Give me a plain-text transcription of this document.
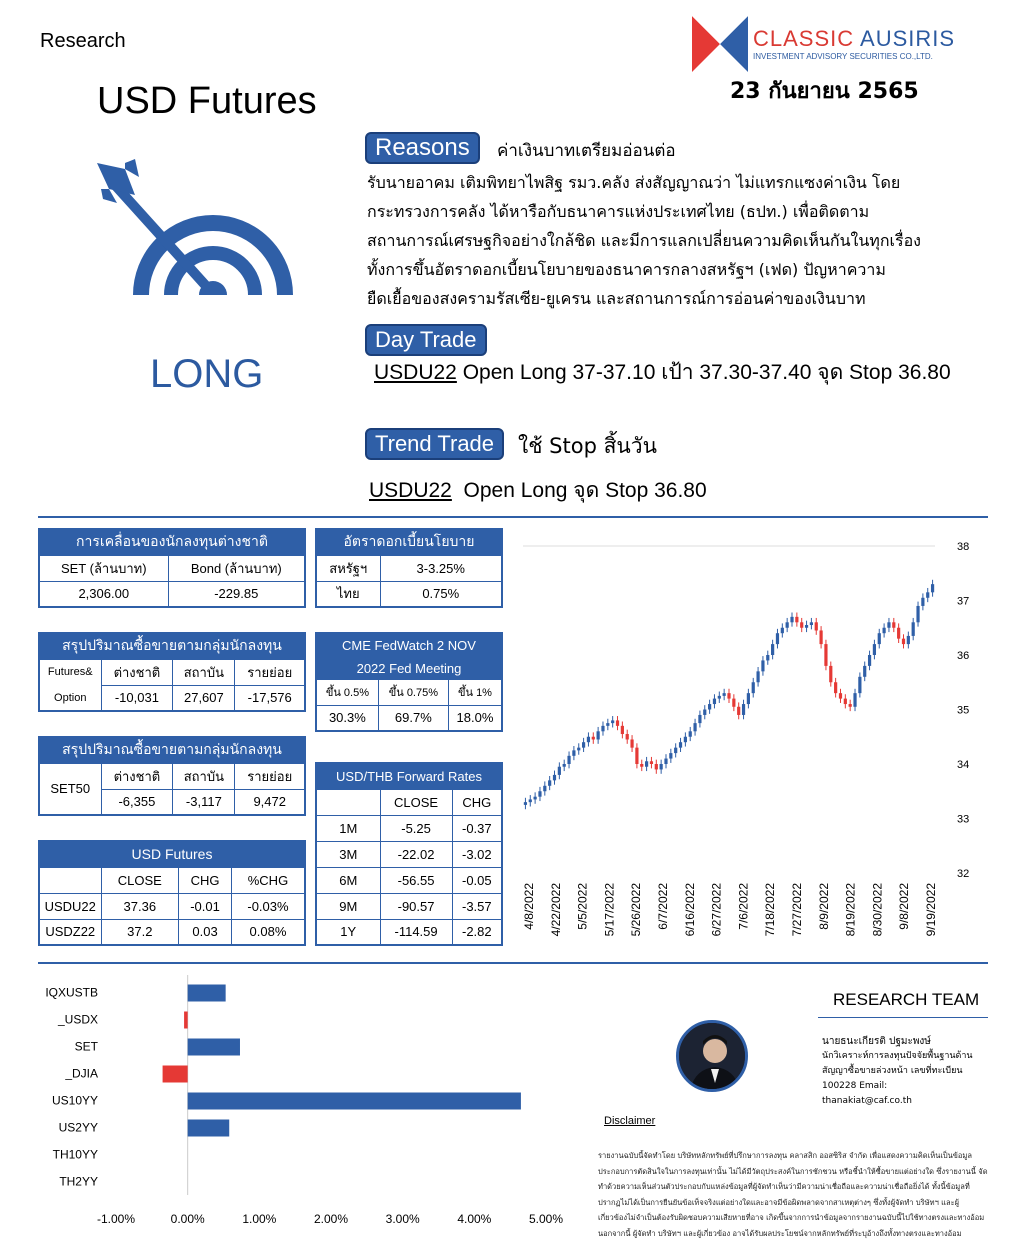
Research
USD Futures
CLASSIC AUSIRIS
INVESTMENT ADVISORY SECURITIES CO.,LTD.
23 กันยายน 2565
LONG
Reasons	ค่าเงินบาทเตรียมอ่อนต่อ
รับนายอาคม เติมพิทยาไพสิฐ รมว.คลัง ส่งสัญญาณว่า ไม่แทรกแซงค่าเงิน โดย
กระทรวงการคลัง ได้หารือกับธนาคารแห่งประเทศไทย (ธปท.) เพื่อติดตาม
สถานการณ์เศรษฐกิจอย่างใกล้ชิด และมีการแลกเปลี่ยนความคิดเห็นกันในทุกเรื่อง
ทั้งการขึ้นอัตราดอกเบี้ยนโยบายของธนาคารกลางสหรัฐฯ (เฟด) ปัญหาความ
ยืดเยื้อของสงครามรัสเซีย-ยูเครน และสถานการณ์การอ่อนค่าของเงินบาท
Day Trade
USDU22 Open Long 37-37.10 เป้า 37.30-37.40 จุด Stop 36.80
Trend Trade	ใช้ Stop สิ้นวัน
USDU22  Open Long จุด Stop 36.80
การเคลื่อนของนักลงทุนต่างชาติ	
SET (ล้านบาท)	Bond (ล้านบาท)
2,306.00	-229.85
อัตราดอกเบี้ยนโยบาย	
สหรัฐฯ	3-3.25%
ไทย	0.75%
สรุปปริมาณซื้อขายตามกลุ่มนักลงทุน			
Futures&	ต่างชาติ	สถาบัน	รายย่อย
Option	-10,031	27,607	-17,576
CME FedWatch 2 NOV		
2022 Fed Meeting		
ขึ้น 0.5%	ขึ้น 0.75%	ขึ้น 1%
30.3%	69.7%	18.0%
สรุปปริมาณซื้อขายตามกลุ่มนักลงทุน			
SET50	ต่างชาติ	สถาบัน	รายย่อย
	-6,355	-3,117	9,472
USD/THB Forward Rates		
	CLOSE	CHG
1M	-5.25	-0.37
3M	-22.02	-3.02
6M	-56.55	-0.05
9M	-90.57	-3.57
1Y	-114.59	-2.82
USD Futures			
	CLOSE	CHG	%CHG
USDU22	37.36	-0.01	-0.03%
USDZ22	37.2	0.03	0.08%
38
37
36
35
34
33
32
4/8/2022 4/22/2022 5/5/2022 5/17/2022 5/26/2022 6/7/2022 6/16/2022 6/27/2022 7/6/2022 7/18/2022 7/27/2022 8/9/2022 8/19/2022 8/30/2022 9/8/2022 9/19/2022
IQXUSTB
_USDX
SET
_DJIA
US10YY
US2YY
TH10YY
TH2YY
-1.00%	0.00%	1.00%	2.00%	3.00%	4.00%	5.00%
RESEARCH TEAM
นายธนะเกียรติ ปฐมะพงษ์
นักวิเคราะห์การลงทุนปัจจัยพื้นฐานด้านสัญญาซื้อขายล่วงหน้า เลขที่ทะเบียน 100228 Email:
thanakiat@caf.co.th
Disclaimer
รายงานฉบับนี้จัดทำโดย บริษัทหลักทรัพย์ที่ปรึกษาการลงทุน คลาสสิก ออสซิริส จำกัด เพื่อแสดงความคิดเห็นเป็นข้อมูลประกอบการตัดสินใจในการลงทุนเท่านั้น ไม่ได้มีวัตถุประสงค์ในการชักชวน หรือชี้นำให้ซื้อขายแต่อย่างใด ซึ่งรายงานนี้ จัดทำด้วยความเห็นส่วนตัวประกอบกับแหล่งข้อมูลที่ผู้จัดทำเห็นว่ามีความน่าเชื่อถือและความน่าเชื่อถือยิ่งได้ ทั้งนี้ข้อมูลที่ปรากฏไม่ได้เป็นการยืนยันข้อเท็จจริงแต่อย่างใดและอาจมีข้อผิดพลาดจากสาเหตุต่างๆ ซึ่งทั้งผู้จัดทำ บริษัทฯ และผู้เกี่ยวข้องไม่จำเป็นต้องรับผิดชอบความเสียหายที่อาจ เกิดขึ้นจากการนำข้อมูลจากรายงานฉบับนี้ไปใช้ทางตรงและทางอ้อม นอกจากนี้ ผู้จัดทำ บริษัทฯ และผู้เกี่ยวข้อง อาจได้รับผลประโยชน์จากหลักทรัพย์ที่ระบุอ้างถึงทั้งทางตรงและทางอ้อม
